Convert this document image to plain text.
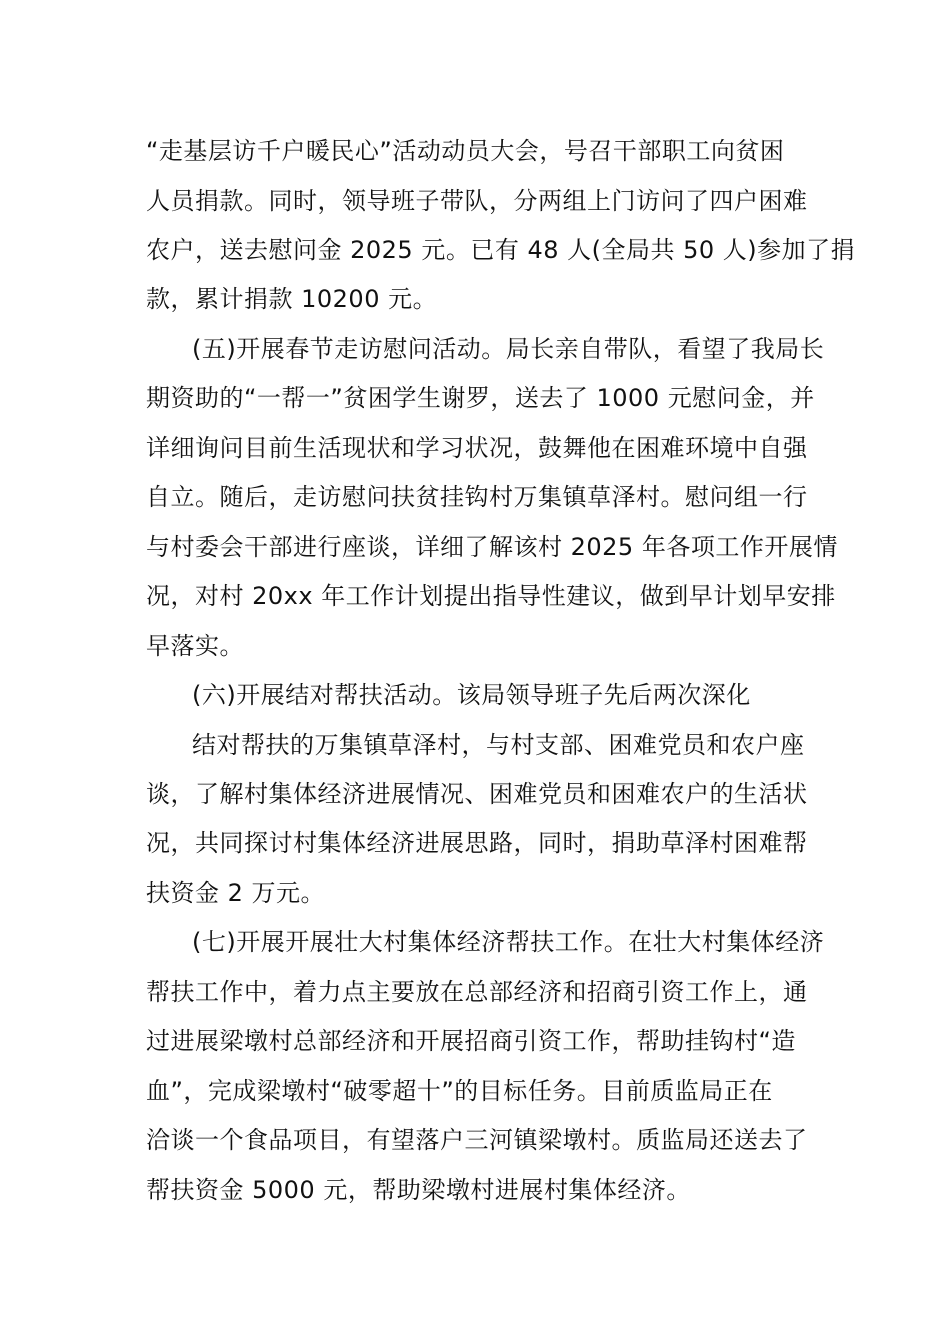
“走基层访千户暖民心”活动动员大会，号召干部职工向贫困
人员捐款。同时，领导班子带队，分两组上门访问了四户困难
农户，送去慰问金 2025 元。已有 48 人(全局共 50 人)参加了捐
款，累计捐款 10200 元。
(五)开展春节走访慰问活动。局长亲自带队，看望了我局长
期资助的“一帮一”贫困学生谢罗，送去了 1000 元慰问金，并
详细询问目前生活现状和学习状况，鼓舞他在困难环境中自强
自立。随后，走访慰问扶贫挂钩村万集镇草泽村。慰问组一行
与村委会干部进行座谈，详细了解该村 2025 年各项工作开展情
况，对村 20xx 年工作计划提出指导性建议，做到早计划早安排
早落实。
(六)开展结对帮扶活动。该局领导班子先后两次深化
结对帮扶的万集镇草泽村，与村支部、困难党员和农户座
谈，了解村集体经济进展情况、困难党员和困难农户的生活状
况，共同探讨村集体经济进展思路，同时，捐助草泽村困难帮
扶资金 2 万元。
(七)开展开展壮大村集体经济帮扶工作。在壮大村集体经济
帮扶工作中，着力点主要放在总部经济和招商引资工作上，通
过进展梁墩村总部经济和开展招商引资工作，帮助挂钩村“造
血”，完成梁墩村“破零超十”的目标任务。目前质监局正在
洽谈一个食品项目，有望落户三河镇梁墩村。质监局还送去了
帮扶资金 5000 元，帮助梁墩村进展村集体经济。
